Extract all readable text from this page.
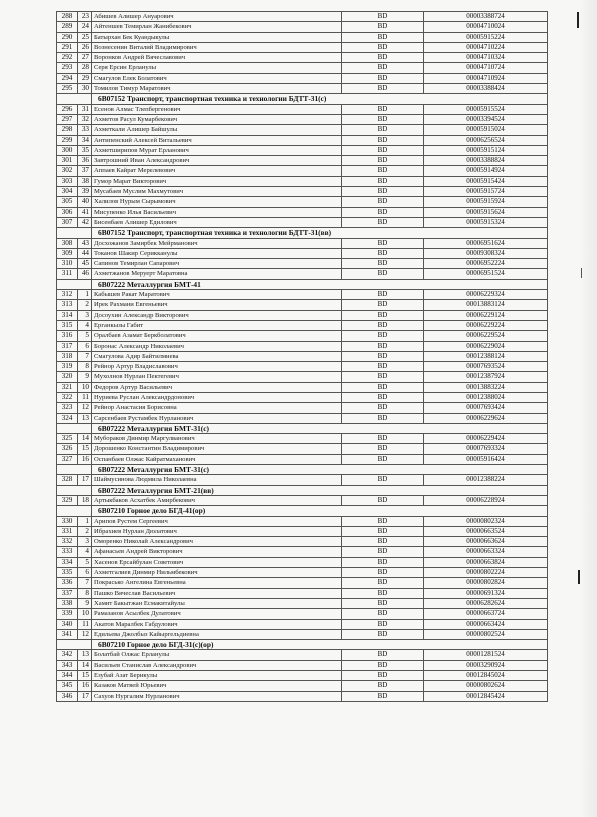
288	23	Абишев Алишер Ануарович	BD	00003388724
289	24	Айтеншев Темирлан Жанибекович	BD	00004710024
290	25	Батырхан Бек Куандыкулы	BD	00005915224
291	26	Вознесенин Виталий Владимирович	BD	00004710224
292	27	Воронков Андрей Вячеславович	BD	00004710324
293	28	Серя Ерсин Ерланулы	BD	00004710724
294	29	Смагулов Елек Болатович	BD	00004710924
295	30	Томилов Тимур Маратович	BD	00003388424
		6B07152 Транспорт, транспортная техника и технологии БДТТ-31(с)		
296	31	Есенов Алмас Тлепбергенович	BD	00005915524
297	32	Ахметов Расул Кумарбекович	BD	00003394524
298	33	Ахметкали Алишер Байшулы	BD	00005915024
299	34	Антипенский Алексей Витальевич	BD	00006256524
300	35	Ахметширипов Мурат Ерланович	BD	00005915124
301	36	Завтрошний Иван Александрович	BD	00003388824
302	37	Аппаев Кайрат Мерелевович	BD	00005914924
303	38	Гумор Марат Викторович	BD	00005915424
304	39	Мусабаев Муслим Махмутович	BD	00005915724
305	40	Халилов Нурым Сырымович	BD	00005915924
306	41	Мисупенко Илья Васильевич	BD	00005915624
307	42	Бисенбаев Алишер Едилович	BD	00005915324
		6B07152 Транспорт, транспортная техника и технологии БДТТ-31(вв)		
308	43	Досхожанов Замирбек Мейрманович	BD	00006951624
309	44	Токанов Шакир Серикканулы	BD	00009308324
310	45	Сапинов Темирлан Сапарович	BD	00006952224
311	46	Ахметжанов Меруерт Маратовна	BD	00006951524
		6B07222 Металлургия БМТ-41		
312	1	Кабышев Ракат Маратович	BD	00006229324
313	2	Ирек Рахмани Евгеньевич	BD	00013883124
314	3	Досоухин Александр Викторович	BD	00006229124
315	4	Ерганкызы Габит	BD	00006229224
316	5	Оралбаев Азамат Беркболатович	BD	00006229524
317	6	Боронас Александр Николаевич	BD	00006229024
318	7	Смагулова Адир Байтилмиева	BD	00012388124
319	8	Рейнор Артур Владиславович	BD	00007693524
320	9	Мухолнов Нурлан Пектегевич	BD	00012387924
321	10	Федоров Артур Васильевич	BD	00013883224
322	11	Нуриева Руслан Александрдонович	BD	00012388024
323	12	Рейнор Анастасия Борисовна	BD	00007693424
324	13	Сарсенбаев Рустамбек Нурланович	BD	00006229624
		6B07222 Металлургия БМТ-31(с)		
325	14	Мубораков Динмир Маргулванович	BD	00006229424
326	15	Дорошенко Константин Владимирович	BD	00007693324
327	16	Оспанбаев Олжас Кайратмаханович	BD	00005916424
		6B07222 Металлургия БМТ-31(с)		
328	17	Шаймусинова Людмила Николаевна	BD	00012388224
		6B07222 Металлургия БМТ-21(вв)		
329	18	Артыкбаков Асхатбек Амирбекович	BD	00006228924
		6B07210 Горное дело БГД-41(ор)		
330	1	Арипов Рустем Сергеевич	BD	00000802324
331	2	Ибрахиев Нурлан Дюлатович	BD	00000663524
332	3	Оморенко Николай Александрович	BD	00000663624
333	4	Афанасьев Андрей Викторович	BD	00000663324
334	5	Хасенов Ерсайбулан Советович	BD	00000663824
335	6	Ахметгалиев Динмир Нильмбекович	BD	00000802224
336	7	Покрасько Ангелина Евгеньевна	BD	00000802824
337	8	Пашко Вячеслав Васильевич	BD	00000691324
338	9	Хамит Бакытжан Есмакитайулы	BD	00006282624
339	10	Рамазанов Асылбек Дулатович	BD	00000663724
340	11	Акатов Маралбек Габдулович	BD	00000663424
341	12	Едильева Джолбыз Кайыргельдиевна	BD	00000802524
		6B07210 Горное дело БГД-31(с)(ор)		
342	13	Болатбай Олжас Ерланулы	BD	00001281524
343	14	Васильев Станислав Александрович	BD	00003290924
344	15	Езубай Азат Берикулы	BD	00012845024
345	16	Казаков Матвей Юрьевич	BD	00000802624
346	17	Сахуов Нургалим Нурланович	BD	00012845424
